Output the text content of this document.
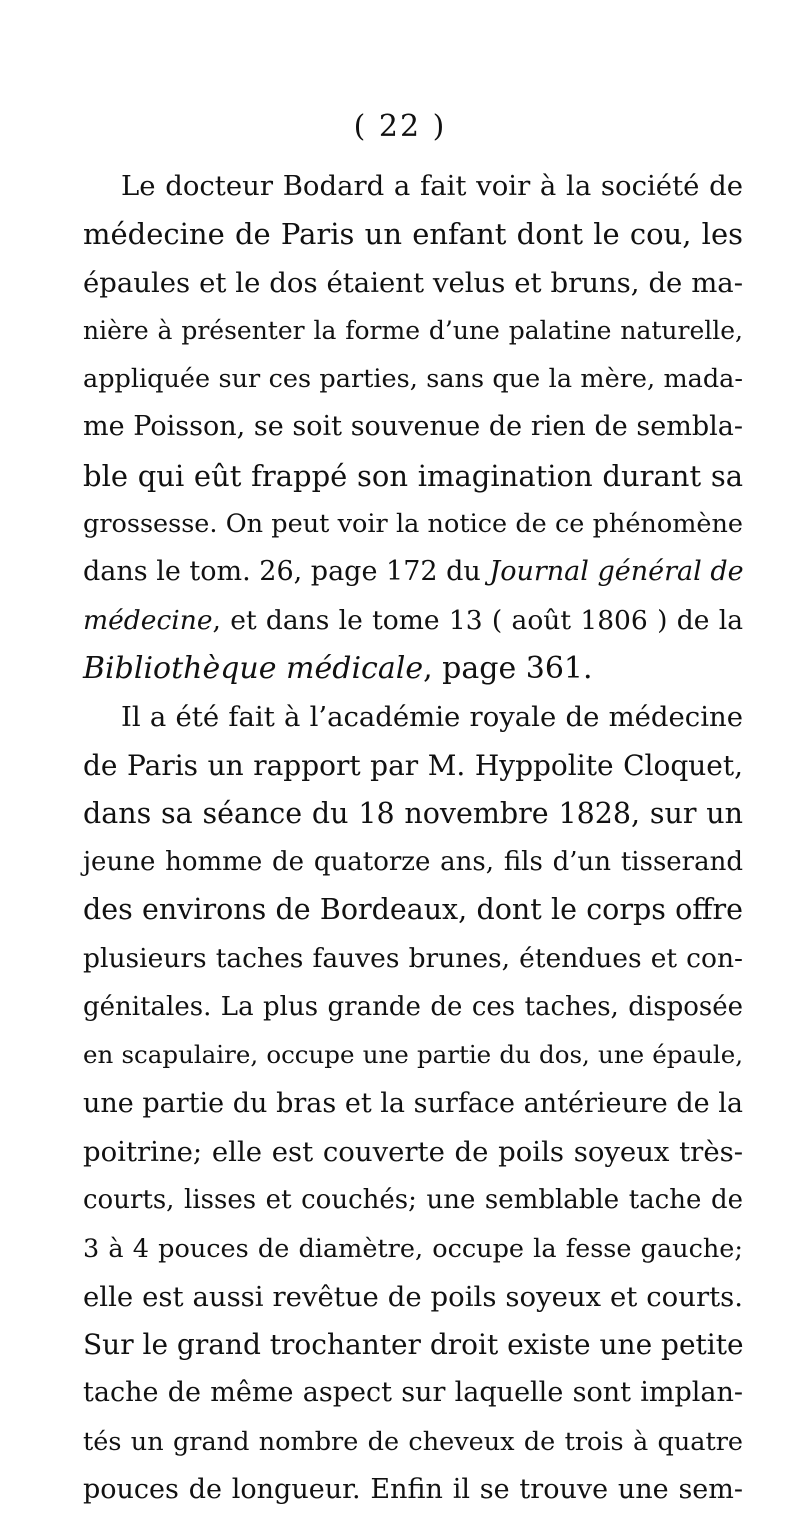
( 22 )
Le docteur Bodard a fait voir à la société de
médecine de Paris un enfant dont le cou, les
épaules et le dos étaient velus et bruns, de ma-
nière à présenter la forme d’une palatine naturelle,
appliquée sur ces parties, sans que la mère, mada-
me Poisson, se soit souvenue de rien de sembla-
ble qui eût frappé son imagination durant sa
grossesse. On peut voir la notice de ce phénomène
dans le tom. 26, page 172 du Journal général de
médecine, et dans le tome 13 ( août 1806 ) de la
Bibliothèque médicale, page 361.
Il a été fait à l’académie royale de médecine
de Paris un rapport par M. Hyppolite Cloquet,
dans sa séance du 18 novembre 1828, sur un
jeune homme de quatorze ans, fils d’un tisserand
des environs de Bordeaux, dont le corps offre
plusieurs taches fauves brunes, étendues et con-
génitales. La plus grande de ces taches, disposée
en scapulaire, occupe une partie du dos, une épaule,
une partie du bras et la surface antérieure de la
poitrine; elle est couverte de poils soyeux très-
courts, lisses et couchés; une semblable tache de
3 à 4 pouces de diamètre, occupe la fesse gauche;
elle est aussi revêtue de poils soyeux et courts.
Sur le grand trochanter droit existe une petite
tache de même aspect sur laquelle sont implan-
tés un grand nombre de cheveux de trois à quatre
pouces de longueur. Enfin il se trouve une sem-
